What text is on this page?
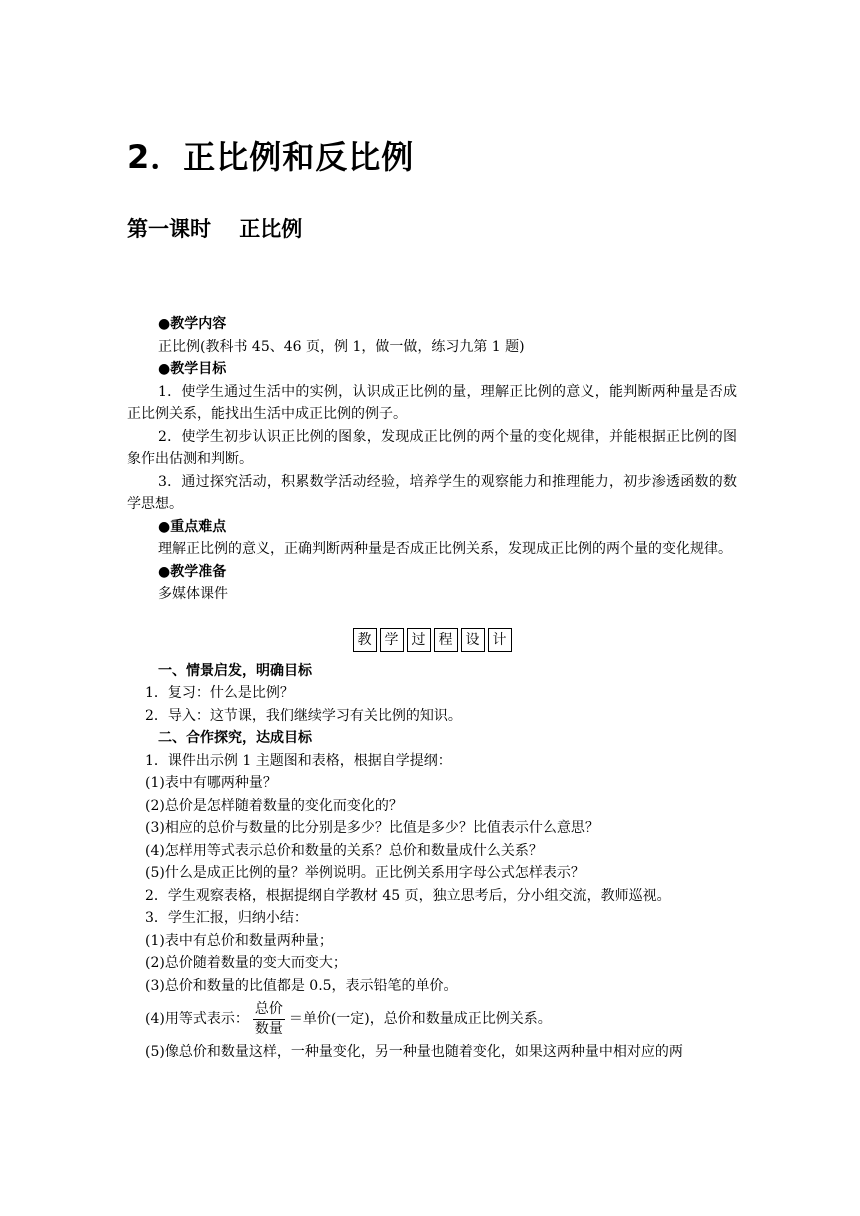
2．正比例和反比例
第一课时　 正比例

●教学内容

正比例(教科书 45、46 页，例 1，做一做，练习九第 1 题)

●教学目标

1．使学生通过生活中的实例，认识成正比例的量，理解正比例的意义，能判断两种量是否成正比例关系，能找出生活中成正比例的例子。

2．使学生初步认识正比例的图象，发现成正比例的两个量的变化规律，并能根据正比例的图象作出估测和判断。

3．通过探究活动，积累数学活动经验，培养学生的观察能力和推理能力，初步渗透函数的数学思想。

●重点难点

理解正比例的意义，正确判断两种量是否成正比例关系，发现成正比例的两个量的变化规律。

●教学准备

多媒体课件

教 学 过 程 设 计

一、情景启发，明确目标

1．复习：什么是比例？

2．导入：这节课，我们继续学习有关比例的知识。

二、合作探究，达成目标

1．课件出示例 1 主题图和表格，根据自学提纲：

(1)表中有哪两种量？

(2)总价是怎样随着数量的变化而变化的？

(3)相应的总价与数量的比分别是多少？比值是多少？比值表示什么意思？

(4)怎样用等式表示总价和数量的关系？总价和数量成什么关系？

(5)什么是成正比例的量？举例说明。正比例关系用字母公式怎样表示？

2．学生观察表格，根据提纲自学教材 45 页，独立思考后，分小组交流，教师巡视。

3．学生汇报，归纳小结：

(1)表中有总价和数量两种量；

(2)总价随着数量的变大而变大；

(3)总价和数量的比值都是 0.5，表示铅笔的单价。

(4)用等式表示： $\frac{\text{总价}}{\text{数量}}$ ＝单价(一定)，总价和数量成正比例关系。

(5)像总价和数量这样，一种量变化，另一种量也随着变化，如果这两种量中相对应的两
